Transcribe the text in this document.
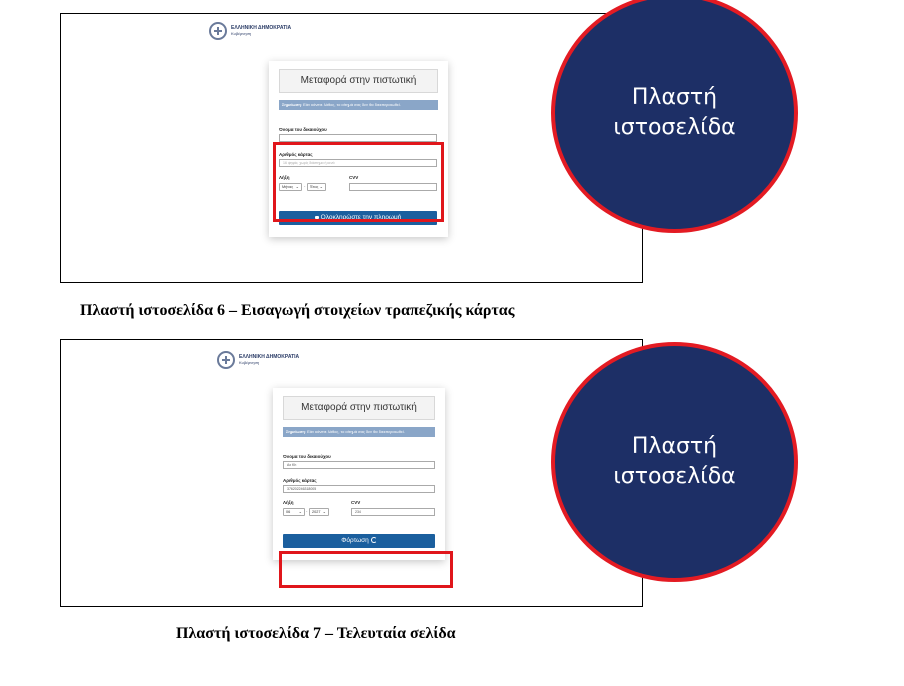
ΕΛΛΗΝΙΚΗ ΔΗΜΟΚΡΑΤΙΑ
Κυβέρνηση
Μεταφορά στην πιστωτική
Σημείωση: Εάν κάνετε λάθος, το αίτημά σας δεν θα διεκπεραιωθεί.
Όνομα του δικαιούχου
Αριθμός κάρτας
16 ψηφία, χωρίς διάστημα ή κενά
Λήξη
Μήνας ⌄ -	Έτος ⌄
CVV
Ολοκληρώστε την πληρωμή
Πλαστή
ιστοσελίδα
Πλαστή ιστοσελίδα 6 – Εισαγωγή στοιχείων τραπεζικής κάρτας
ΕΛΛΗΝΙΚΗ ΔΗΜΟΚΡΑΤΙΑ
Κυβέρνηση
Μεταφορά στην πιστωτική
Σημείωση: Εάν κάνετε λάθος, το αίτημά σας δεν θα διεκπεραιωθεί.
Όνομα του δικαιούχου
Ax Kh
Αριθμός κάρτας
376202246318005
Λήξη
06 ⌄ -	2027 ⌄
CVV
234
Φόρτωση
Πλαστή
ιστοσελίδα
Πλαστή ιστοσελίδα 7 – Τελευταία σελίδα
